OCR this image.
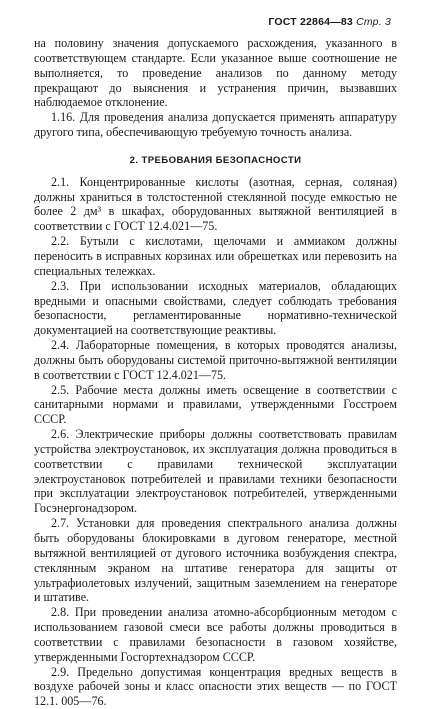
ГОСТ 22864—83 Стр. 3

на половину значения допускаемого расхождения, указанного в соответствующем стандарте. Если указанное выше соотношение не выполняется, то проведение анализов по данному методу прекращают до выяснения и устранения причин, вызвавших наблюдаемое отклонение.

1.16. Для проведения анализа допускается применять аппаратуру другого типа, обеспечивающую требуемую точность анализа.

2. ТРЕБОВАНИЯ БЕЗОПАСНОСТИ

2.1. Концентрированные кислоты (азотная, серная, соляная) должны храниться в толстостенной стеклянной посуде емкостью не более 2 дм³ в шкафах, оборудованных вытяжной вентиляцией в соответствии с ГОСТ 12.4.021—75.

2.2. Бутыли с кислотами, щелочами и аммиаком должны переносить в исправных корзинах или обрешетках или перевозить на специальных тележках.

2.3. При использовании исходных материалов, обладающих вредными и опасными свойствами, следует соблюдать требования безопасности, регламентированные нормативно-технической документацией на соответствующие реактивы.

2.4. Лабораторные помещения, в которых проводятся анализы, должны быть оборудованы системой приточно-вытяжной вентиляции в соответствии с ГОСТ 12.4.021—75.

2.5. Рабочие места должны иметь освещение в соответствии с санитарными нормами и правилами, утвержденными Госстроем СССР.

2.6. Электрические приборы должны соответствовать правилам устройства электроустановок, их эксплуатация должна проводиться в соответствии с правилами технической эксплуатации электроустановок потребителей и правилами техники безопасности при эксплуатации электроустановок потребителей, утвержденными Госэнергонадзором.

2.7. Установки для проведения спектрального анализа должны быть оборудованы блокировками в дуговом генераторе, местной вытяжной вентиляцией от дугового источника возбуждения спектра, стеклянным экраном на штативе генератора для защиты от ультрафиолетовых излучений, защитным заземлением на генераторе и штативе.

2.8. При проведении анализа атомно-абсорбционным методом с использованием газовой смеси все работы должны проводиться в соответствии с правилами безопасности в газовом хозяйстве, утвержденными Госгортехнадзором СССР.

2.9. Предельно допустимая концентрация вредных веществ в воздухе рабочей зоны и класс опасности этих веществ — по ГОСТ 12.1. 005—76.
